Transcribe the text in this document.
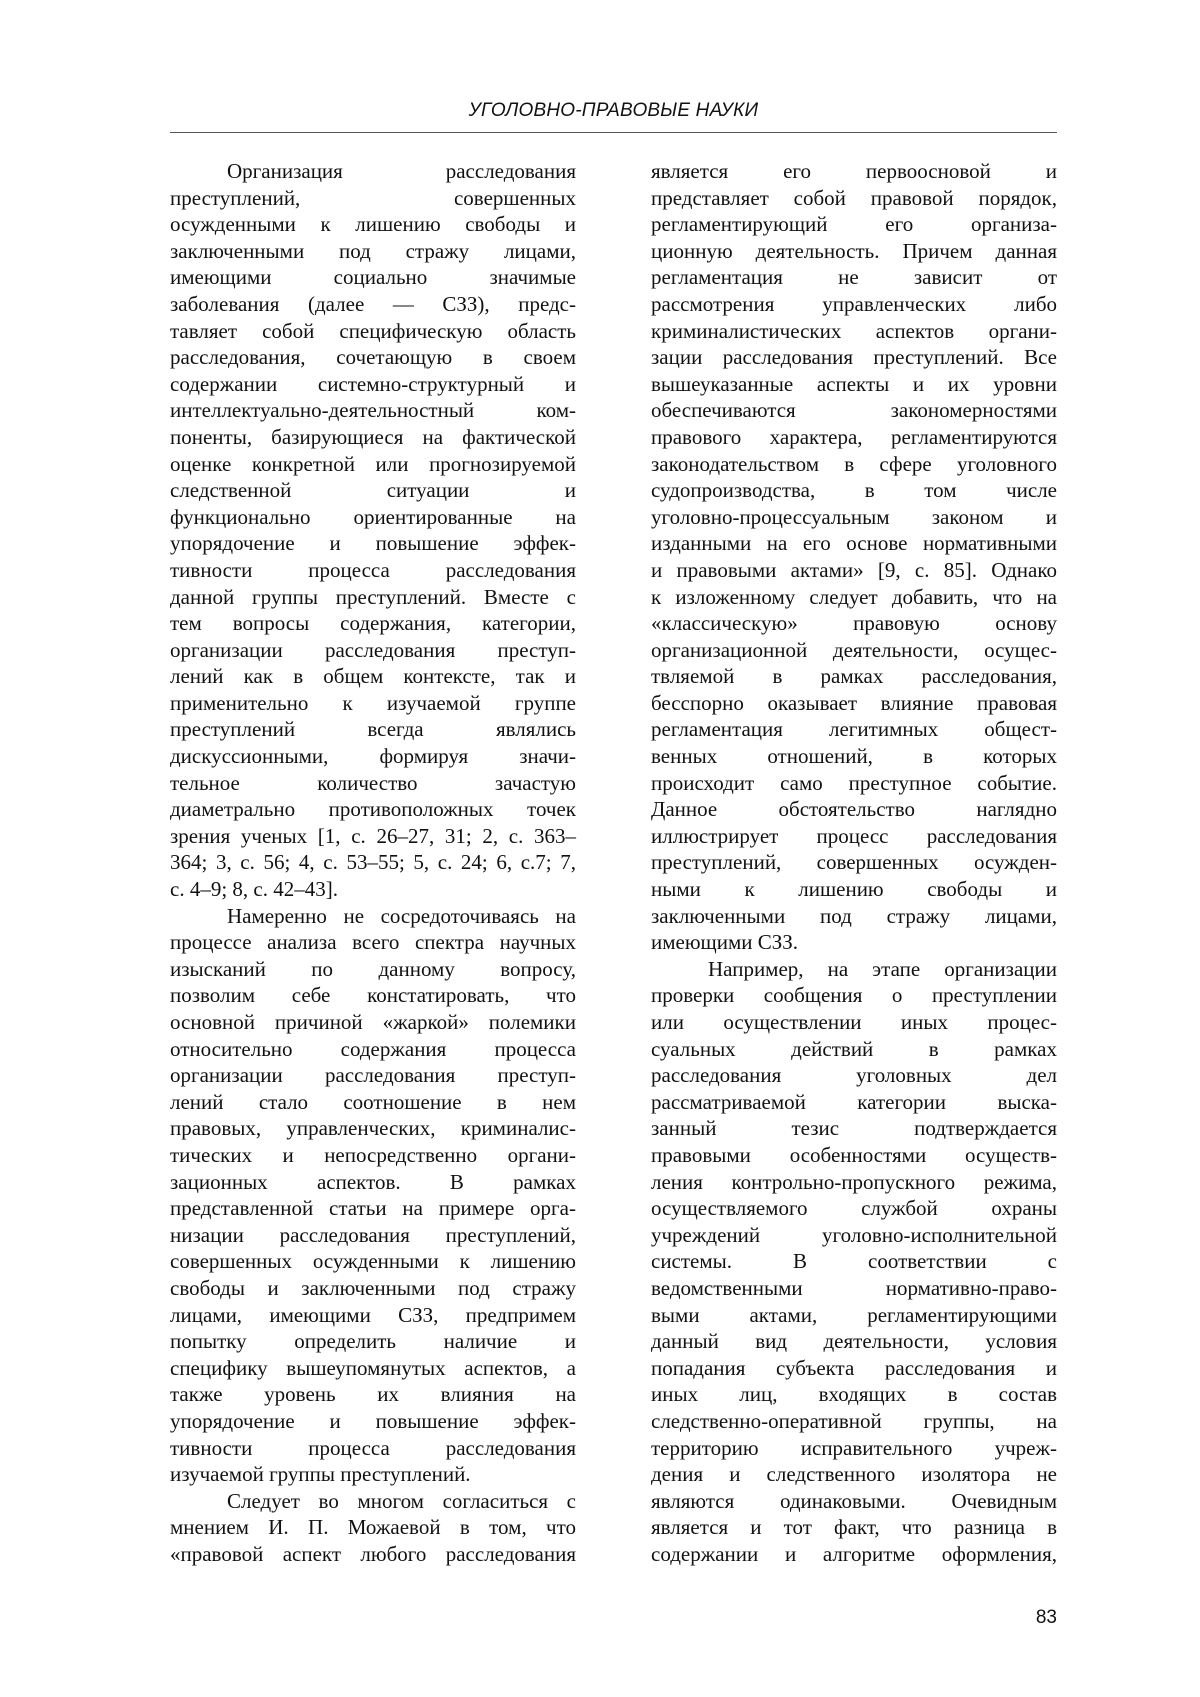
УГОЛОВНО-ПРАВОВЫЕ НАУКИ
Организация расследования
преступлений, совершенных
осужденными к лишению свободы и
заключенными под стражу лицами,
имеющими социально значимые
заболевания (далее — СЗЗ), предс-
тавляет собой специфическую область
расследования, сочетающую в своем
содержании системно-структурный и
интеллектуально-деятельностный ком-
поненты, базирующиеся на фактической
оценке конкретной или прогнозируемой
следственной ситуации и
функционально ориентированные на
упорядочение и повышение эффек-
тивности процесса расследования
данной группы преступлений. Вместе с
тем вопросы содержания, категории,
организации расследования преступ-
лений как в общем контексте, так и
применительно к изучаемой группе
преступлений всегда являлись
дискуссионными, формируя значи-
тельное количество зачастую
диаметрально противоположных точек
зрения ученых [1, с. 26–27, 31; 2, с. 363–
364; 3, с. 56; 4, с. 53–55; 5, с. 24; 6, с.7; 7,
с. 4–9; 8, с. 42–43].
Намеренно не сосредоточиваясь на
процессе анализа всего спектра научных
изысканий по данному вопросу,
позволим себе констатировать, что
основной причиной «жаркой» полемики
относительно содержания процесса
организации расследования преступ-
лений стало соотношение в нем
правовых, управленческих, криминалис-
тических и непосредственно органи-
зационных аспектов. В рамках
представленной статьи на примере орга-
низации расследования преступлений,
совершенных осужденными к лишению
свободы и заключенными под стражу
лицами, имеющими СЗЗ, предпримем
попытку определить наличие и
специфику вышеупомянутых аспектов, а
также уровень их влияния на
упорядочение и повышение эффек-
тивности процесса расследования
изучаемой группы преступлений.
Следует во многом согласиться с
мнением И. П. Можаевой в том, что
«правовой аспект любого расследования
является его первоосновой и
представляет собой правовой порядок,
регламентирующий его организа-
ционную деятельность. Причем данная
регламентация не зависит от
рассмотрения управленческих либо
криминалистических аспектов органи-
зации расследования преступлений. Все
вышеуказанные аспекты и их уровни
обеспечиваются закономерностями
правового характера, регламентируются
законодательством в сфере уголовного
судопроизводства, в том числе
уголовно-процессуальным законом и
изданными на его основе нормативными
и правовыми актами» [9, с. 85]. Однако
к изложенному следует добавить, что на
«классическую» правовую основу
организационной деятельности, осущес-
твляемой в рамках расследования,
бесспорно оказывает влияние правовая
регламентация легитимных общест-
венных отношений, в которых
происходит само преступное событие.
Данное обстоятельство наглядно
иллюстрирует процесс расследования
преступлений, совершенных осужден-
ными к лишению свободы и
заключенными под стражу лицами,
имеющими СЗЗ.
Например, на этапе организации
проверки сообщения о преступлении
или осуществлении иных процес-
суальных действий в рамках
расследования уголовных дел
рассматриваемой категории выска-
занный тезис подтверждается
правовыми особенностями осуществ-
ления контрольно-пропускного режима,
осуществляемого службой охраны
учреждений уголовно-исполнительной
системы. В соответствии с
ведомственными нормативно-право-
выми актами, регламентирующими
данный вид деятельности, условия
попадания субъекта расследования и
иных лиц, входящих в состав
следственно-оперативной группы, на
территорию исправительного учреж-
дения и следственного изолятора не
являются одинаковыми. Очевидным
является и тот факт, что разница в
содержании и алгоритме оформления,
83
